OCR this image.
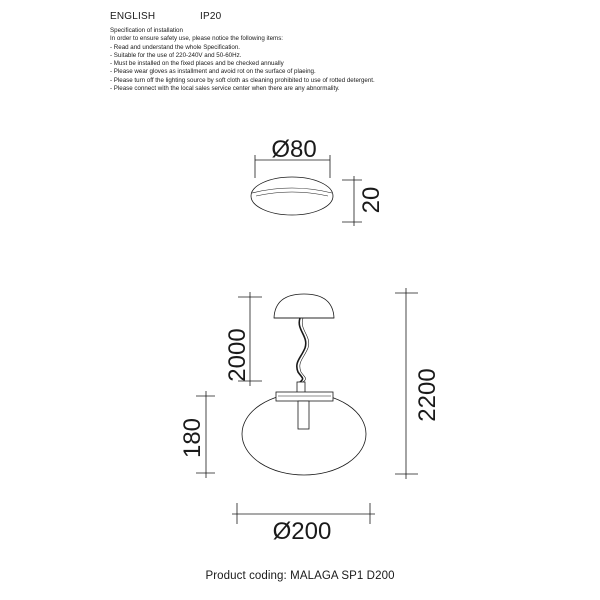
ENGLISH	IP20
Specification of installation
In order to ensure safety use, please notice the following items:
- Read and understand the whole Specification.
- Suitable for the use of 220-240V and 50-60Hz.
- Must be installed on the fixed places and be checked annually
- Please wear gloves as installment and avoid rot on the surface of plaeing.
- Please turn off the lighting source by soft cloth as cleaning prohibited to use of rotted detergent.
- Please connect with the local sales service center when there are any abnormality.
Ø80
20
2000
2200
180
Ø200
Product coding: MALAGA SP1 D200
